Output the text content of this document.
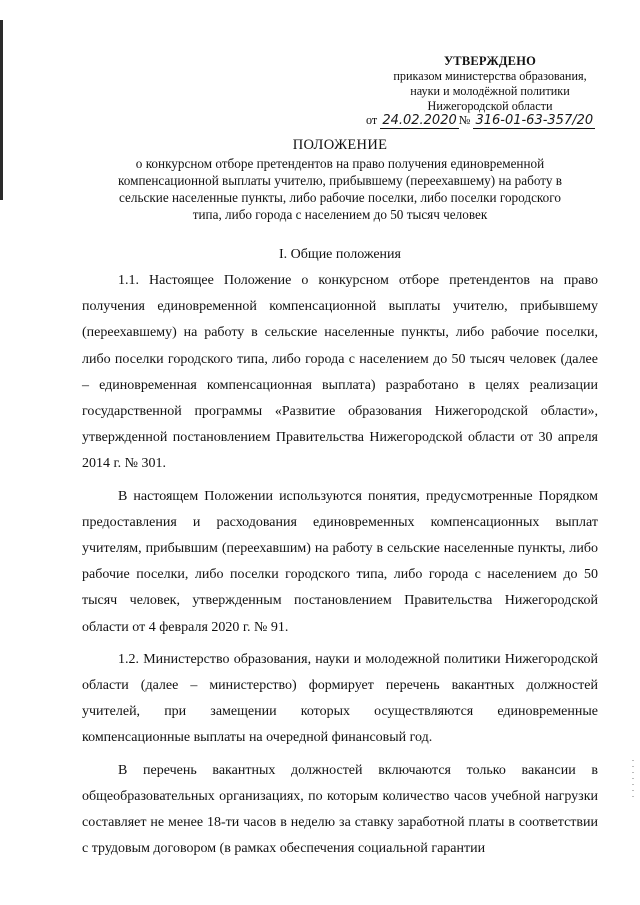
УТВЕРЖДЕНО
приказом министерства образования,
науки и молодёжной политики
Нижегородской области
от 24.02.2020 № 316-01-63-357/20
ПОЛОЖЕНИЕ
о конкурсном отборе претендентов на право получения единовременной
компенсационной выплаты учителю, прибывшему (переехавшему) на работу в
сельские населенные пункты, либо рабочие поселки, либо поселки городского
типа, либо города с населением до 50 тысяч человек
I. Общие положения

1.1. Настоящее Положение о конкурсном отборе претендентов на право получения единовременной компенсационной выплаты учителю, прибывшему (переехавшему) на работу в сельские населенные пункты, либо рабочие поселки, либо поселки городского типа, либо города с населением до 50 тысяч человек (далее – единовременная компенсационная выплата) разработано в целях реализации государственной программы «Развитие образования Нижегородской области», утвержденной постановлением Правительства Нижегородской области от 30 апреля 2014 г. № 301.

В настоящем Положении используются понятия, предусмотренные Порядком предоставления и расходования единовременных компенсационных выплат учителям, прибывшим (переехавшим) на работу в сельские населенные пункты, либо рабочие поселки, либо поселки городского типа, либо города с населением до 50 тысяч человек, утвержденным постановлением Правительства Нижегородской области от 4 февраля 2020 г. № 91.

1.2. Министерство образования, науки и молодежной политики Нижегородской области (далее – министерство) формирует перечень вакантных должностей учителей, при замещении которых осуществляются единовременные компенсационные выплаты на очередной финансовый год.

В перечень вакантных должностей включаются только вакансии в общеобразовательных организациях, по которым количество часов учебной нагрузки составляет не менее 18-ти часов в неделю за ставку заработной платы в соответствии с трудовым договором (в рамках обеспечения социальной гарантии
